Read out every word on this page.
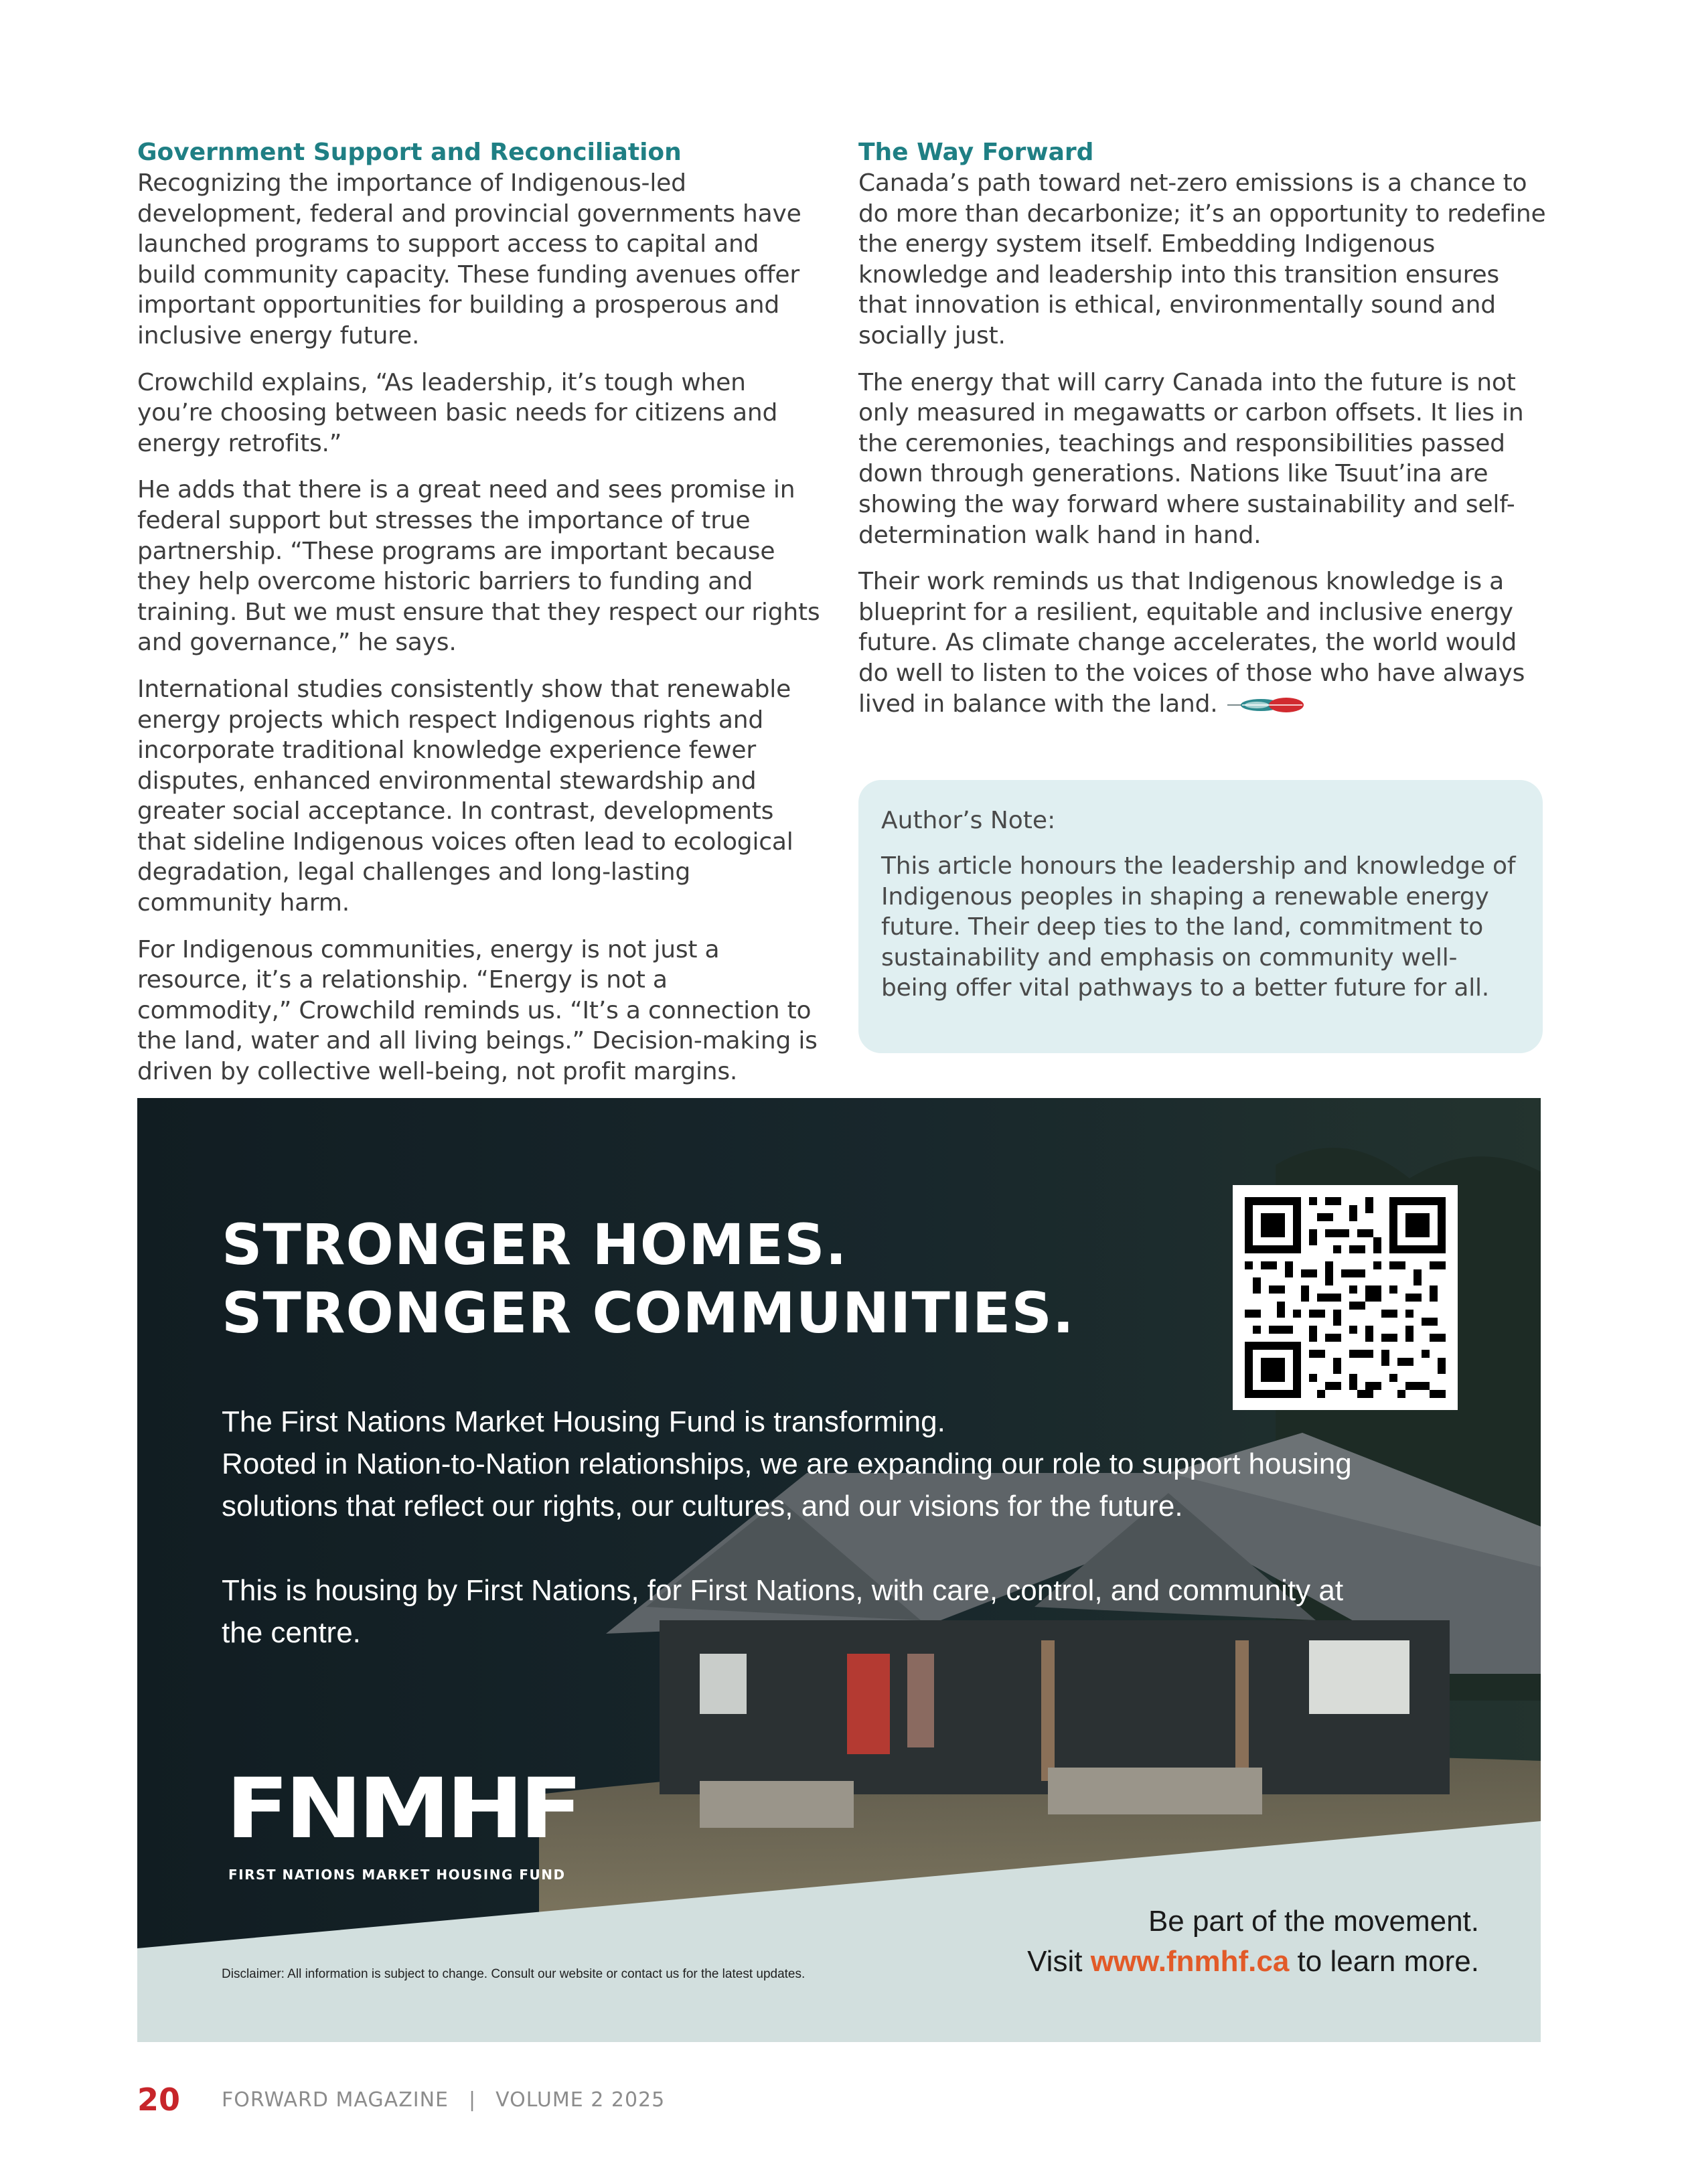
Government Support and Reconciliation

Recognizing the importance of Indigenous-led development, federal and provincial governments have launched programs to support access to capital and build community capacity. These funding avenues offer important opportunities for building a prosperous and inclusive energy future.

Crowchild explains, “As leadership, it’s tough when you’re choosing between basic needs for citizens and energy retrofits.”

He adds that there is a great need and sees promise in federal support but stresses the importance of true partnership. “These programs are important because they help overcome historic barriers to funding and training. But we must ensure that they respect our rights and governance,” he says.

International studies consistently show that renewable energy projects which respect Indigenous rights and incorporate traditional knowledge experience fewer disputes, enhanced environmental stewardship and greater social acceptance. In contrast, developments that sideline Indigenous voices often lead to ecological degradation, legal challenges and long-lasting community harm.

For Indigenous communities, energy is not just a resource, it’s a relationship. “Energy is not a commodity,” Crowchild reminds us. “It’s a connection to the land, water and all living beings.” Decision-making is driven by collective well-being, not profit margins.

The Way Forward

Canada’s path toward net-zero emissions is a chance to do more than decarbonize; it’s an opportunity to redefine the energy system itself. Embedding Indigenous knowledge and leadership into this transition ensures that innovation is ethical, environmentally sound and socially just.

The energy that will carry Canada into the future is not only measured in megawatts or carbon offsets. It lies in the ceremonies, teachings and responsibilities passed down through generations. Nations like Tsuut’ina are showing the way forward where sustainability and self-determination walk hand in hand.

Their work reminds us that Indigenous knowledge is a blueprint for a resilient, equitable and inclusive energy future. As climate change accelerates, the world would do well to listen to the voices of those who have always lived in balance with the land.

Author’s Note:

This article honours the leadership and knowledge of Indigenous peoples in shaping a renewable energy future. Their deep ties to the land, commitment to sustainability and emphasis on community well-being offer vital pathways to a better future for all.

STRONGER HOMES.
STRONGER COMMUNITIES.

The First Nations Market Housing Fund is transforming.

Rooted in Nation-to-Nation relationships, we are expanding our role to support housing solutions that reflect our rights, our cultures, and our visions for the future.

This is housing by First Nations, for First Nations, with care, control, and community at the centre.

FNMHF

FIRST NATIONS MARKET HOUSING FUND

Disclaimer: All information is subject to change. Consult our website or contact us for the latest updates.

Be part of the movement.
Visit www.fnmhf.ca to learn more.

20 FORWARD MAGAZINE | VOLUME 2 2025
